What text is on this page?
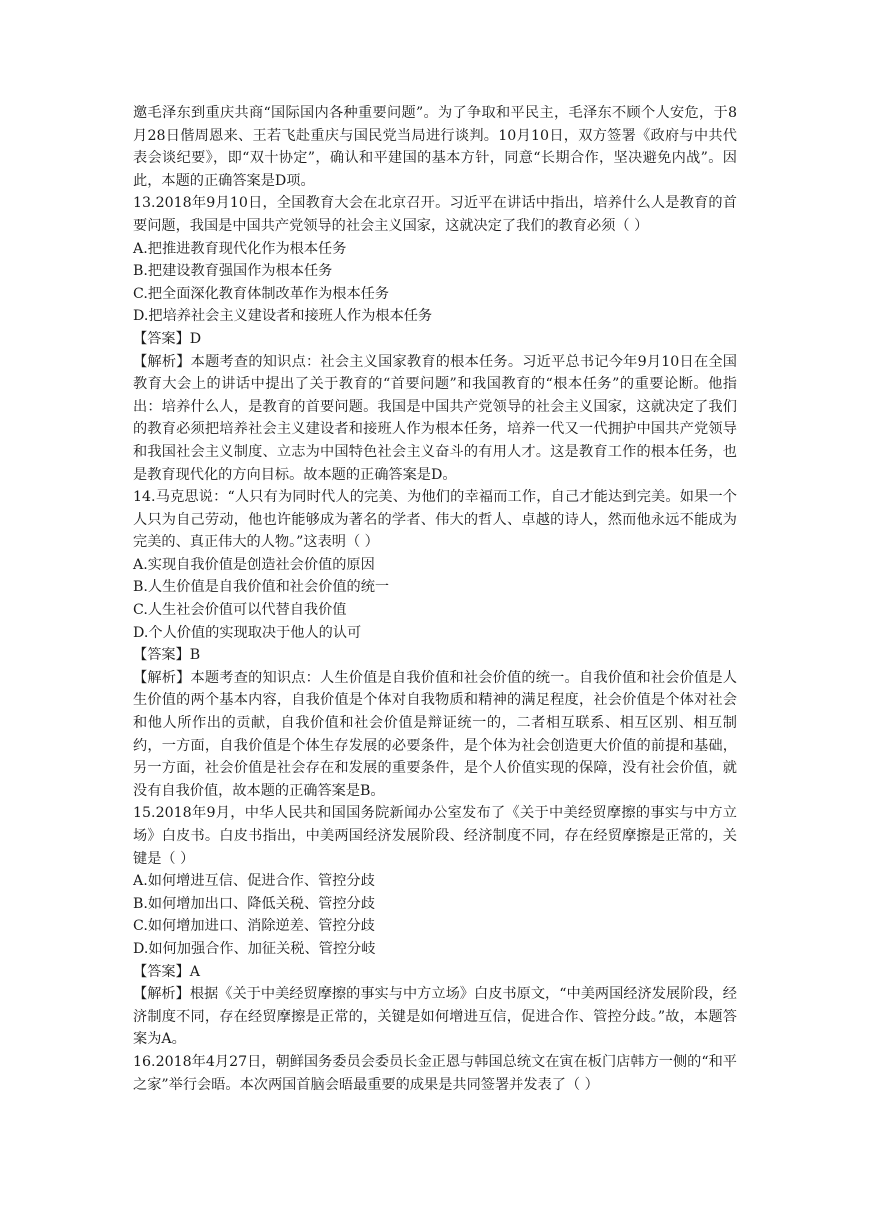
邀毛泽东到重庆共商“国际国内各种重要问题”。为了争取和平民主，毛泽东不顾个人安危，于8月28日偕周恩来、王若飞赴重庆与国民党当局进行谈判。10月10日，双方签署《政府与中共代表会谈纪要》，即“双十协定”，确认和平建国的基本方针，同意“长期合作，坚决避免内战”。因此，本题的正确答案是D项。

13.2018年9月10日，全国教育大会在北京召开。习近平在讲话中指出，培养什么人是教育的首要问题，我国是中国共产党领导的社会主义国家，这就决定了我们的教育必须（ ）

A.把推进教育现代化作为根本任务

B.把建设教育强国作为根本任务

C.把全面深化教育体制改革作为根本任务

D.把培养社会主义建设者和接班人作为根本任务

【答案】D

【解析】本题考查的知识点：社会主义国家教育的根本任务。习近平总书记今年9月10日在全国教育大会上的讲话中提出了关于教育的“首要问题”和我国教育的“根本任务”的重要论断。他指出：培养什么人，是教育的首要问题。我国是中国共产党领导的社会主义国家，这就决定了我们的教育必须把培养社会主义建设者和接班人作为根本任务，培养一代又一代拥护中国共产党领导和我国社会主义制度、立志为中国特色社会主义奋斗的有用人才。这是教育工作的根本任务，也是教育现代化的方向目标。故本题的正确答案是D。

14.马克思说：“人只有为同时代人的完美、为他们的幸福而工作，自己才能达到完美。如果一个人只为自己劳动，他也许能够成为著名的学者、伟大的哲人、卓越的诗人，然而他永远不能成为完美的、真正伟大的人物。”这表明（ ）

A.实现自我价值是创造社会价值的原因

B.人生价值是自我价值和社会价值的统一

C.人生社会价值可以代替自我价值

D.个人价值的实现取决于他人的认可

【答案】B

【解析】本题考查的知识点：人生价值是自我价值和社会价值的统一。自我价值和社会价值是人生价值的两个基本内容，自我价值是个体对自我物质和精神的满足程度，社会价值是个体对社会和他人所作出的贡献，自我价值和社会价值是辩证统一的，二者相互联系、相互区别、相互制约，一方面，自我价值是个体生存发展的必要条件，是个体为社会创造更大价值的前提和基础，另一方面，社会价值是社会存在和发展的重要条件，是个人价值实现的保障，没有社会价值，就没有自我价值，故本题的正确答案是B。

15.2018年9月，中华人民共和国国务院新闻办公室发布了《关于中美经贸摩擦的事实与中方立场》白皮书。白皮书指出，中美两国经济发展阶段、经济制度不同，存在经贸摩擦是正常的，关键是（ ）

A.如何增进互信、促进合作、管控分歧

B.如何增加出口、降低关税、管控分歧

C.如何增加进口、消除逆差、管控分歧

D.如何加强合作、加征关税、管控分岐

【答案】A

【解析】根据《关于中美经贸摩擦的事实与中方立场》白皮书原文，“中美两国经济发展阶段，经济制度不同，存在经贸摩擦是正常的，关键是如何增进互信，促进合作、管控分歧。”故，本题答案为A。

16.2018年4月27日，朝鲜国务委员会委员长金正恩与韩国总统文在寅在板门店韩方一侧的“和平之家”举行会晤。本次两国首脑会晤最重要的成果是共同签署并发表了（ ）
